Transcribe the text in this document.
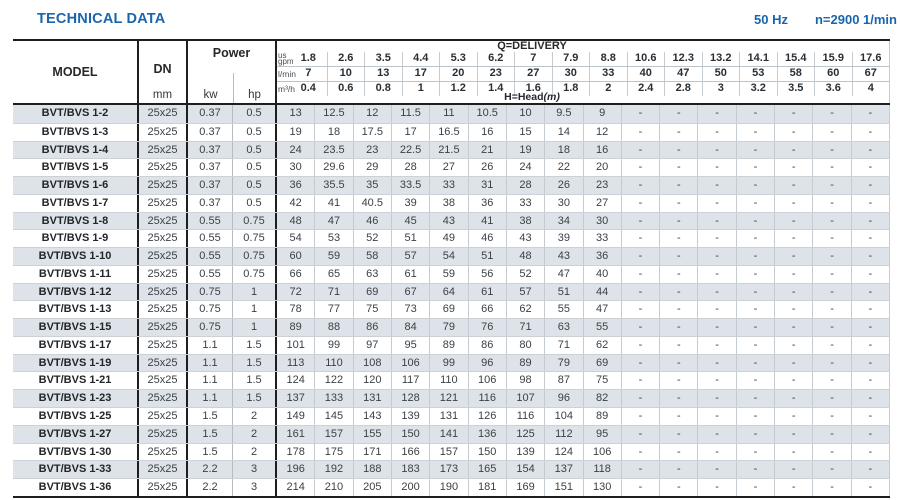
TECHNICAL DATA	50 Hz n=2900 1/min
MODEL	DN
mm
Power
kw	hp
Q=DELIVERY
us gpm 1.8	2.6	3.5	4.4	5.3	6.2	7	7.9	8.8	10.6	12.3	13.2	14.1	15.4	15.9	17.6
l/min 7	10	13	17	20	23	27	30	33	40	47	50	53	58	60	67
m³/h 0.4	0.6	0.8	1	1.2	1.4	1.6	1.8	2	2.4	2.8	3	3.2	3.5	3.6	4
H=Head(m)
BVT/BVS 1-2	25x25	0.37	0.5	13	12.5	12	11.5	11	10.5	10	9.5	9	-	-	-	-	-	-	-
BVT/BVS 1-3	25x25	0.37	0.5	19	18	17.5	17	16.5	16	15	14	12	-	-	-	-	-	-	-
BVT/BVS 1-4	25x25	0.37	0.5	24	23.5	23	22.5	21.5	21	19	18	16	-	-	-	-	-	-	-
BVT/BVS 1-5	25x25	0.37	0.5	30	29.6	29	28	27	26	24	22	20	-	-	-	-	-	-	-
BVT/BVS 1-6	25x25	0.37	0.5	36	35.5	35	33.5	33	31	28	26	23	-	-	-	-	-	-	-
BVT/BVS 1-7	25x25	0.37	0.5	42	41	40.5	39	38	36	33	30	27	-	-	-	-	-	-	-
BVT/BVS 1-8	25x25	0.55	0.75	48	47	46	45	43	41	38	34	30	-	-	-	-	-	-	-
BVT/BVS 1-9	25x25	0.55	0.75	54	53	52	51	49	46	43	39	33	-	-	-	-	-	-	-
BVT/BVS 1-10	25x25	0.55	0.75	60	59	58	57	54	51	48	43	36	-	-	-	-	-	-	-
BVT/BVS 1-11	25x25	0.55	0.75	66	65	63	61	59	56	52	47	40	-	-	-	-	-	-	-
BVT/BVS 1-12	25x25	0.75	1	72	71	69	67	64	61	57	51	44	-	-	-	-	-	-	-
BVT/BVS 1-13	25x25	0.75	1	78	77	75	73	69	66	62	55	47	-	-	-	-	-	-	-
BVT/BVS 1-15	25x25	0.75	1	89	88	86	84	79	76	71	63	55	-	-	-	-	-	-	-
BVT/BVS 1-17	25x25	1.1	1.5	101	99	97	95	89	86	80	71	62	-	-	-	-	-	-	-
BVT/BVS 1-19	25x25	1.1	1.5	113	110	108	106	99	96	89	79	69	-	-	-	-	-	-	-
BVT/BVS 1-21	25x25	1.1	1.5	124	122	120	117	110	106	98	87	75	-	-	-	-	-	-	-
BVT/BVS 1-23	25x25	1.1	1.5	137	133	131	128	121	116	107	96	82	-	-	-	-	-	-	-
BVT/BVS 1-25	25x25	1.5	2	149	145	143	139	131	126	116	104	89	-	-	-	-	-	-	-
BVT/BVS 1-27	25x25	1.5	2	161	157	155	150	141	136	125	112	95	-	-	-	-	-	-	-
BVT/BVS 1-30	25x25	1.5	2	178	175	171	166	157	150	139	124	106	-	-	-	-	-	-	-
BVT/BVS 1-33	25x25	2.2	3	196	192	188	183	173	165	154	137	118	-	-	-	-	-	-	-
BVT/BVS 1-36	25x25	2.2	3	214	210	205	200	190	181	169	151	130	-	-	-	-	-	-	-
